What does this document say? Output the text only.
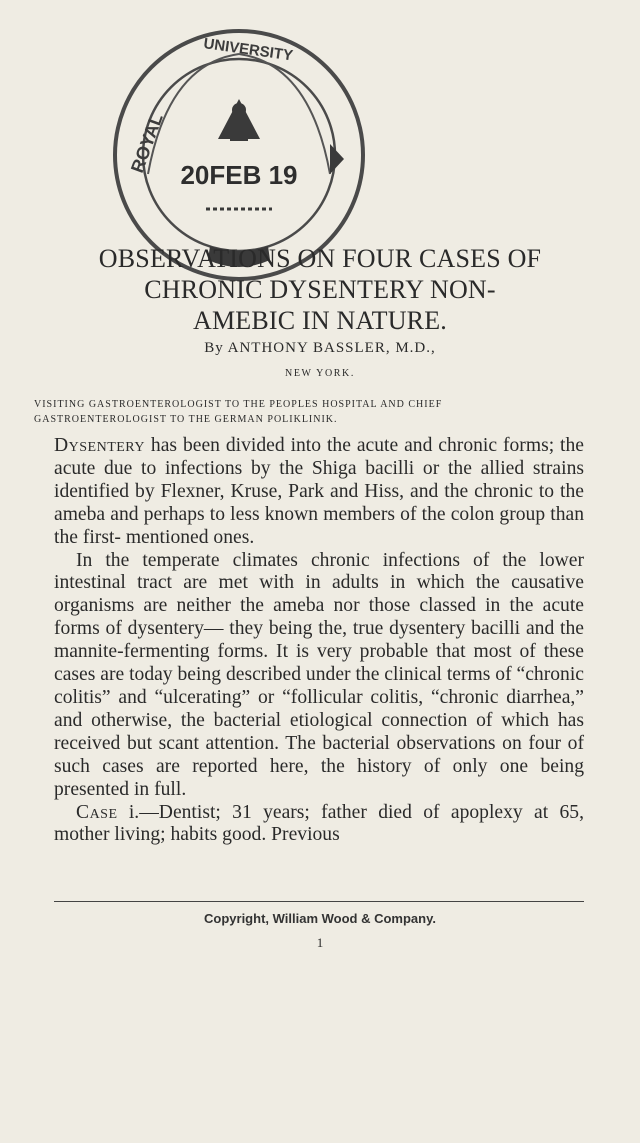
ROYAL
UNIVERSITY
20FEB 19
OBSERVATIONS ON FOUR CASES OF
CHRONIC DYSENTERY NON-
AMEBIC IN NATURE.
By ANTHONY BASSLER, M.D.,
NEW YORK.
VISITING GASTROENTEROLOGIST TO THE PEOPLES HOSPITAL AND CHIEF
GASTROENTEROLOGIST TO THE GERMAN POLIKLINIK.

Dysentery has been divided into the acute and chronic forms; the acute due to infections by the Shiga bacilli or the allied strains identified by Flexner, Kruse, Park and Hiss, and the chronic to the ameba and perhaps to less known members of the colon group than the first- mentioned ones.

In the temperate climates chronic infections of the lower intestinal tract are met with in adults in which the causative organisms are neither the ameba nor those classed in the acute forms of dysentery— they being the, true dysentery bacilli and the mannite-fermenting forms. It is very probable that most of these cases are today being described under the clinical terms of “chronic colitis” and “ulcerating” or “follicular colitis, “chronic diarrhea,” and otherwise, the bacterial etiological connection of which has received but scant attention. The bacterial observations on four of such cases are reported here, the history of only one being presented in full.

Case i.—Dentist; 31 years; father died of apoplexy at 65, mother living; habits good. Previous

Copyright, William Wood & Company.
1
